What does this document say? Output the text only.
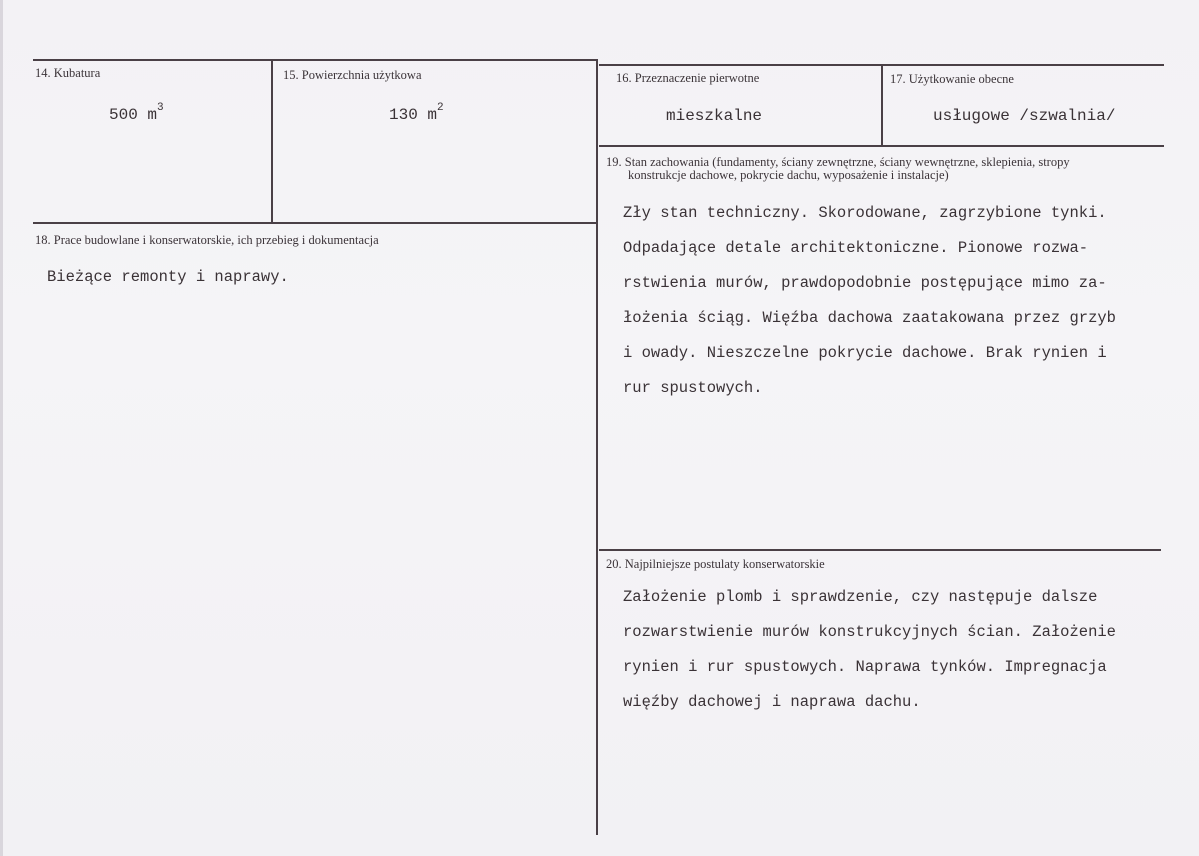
14. Kubatura
500 $m^3$
15. Powierzchnia użytkowa
130 $m^2$
16. Przeznaczenie pierwotne
mieszkalne
17. Użytkowanie obecne
usługowe /szwalnia/
18. Prace budowlane i konserwatorskie, ich przebieg i dokumentacja
Bieżące remonty i naprawy.
19. Stan zachowania (fundamenty, ściany zewnętrzne, ściany wewnętrzne, sklepienia, stropy
konstrukcje dachowe, pokrycie dachu, wyposażenie i instalacje)
Zły stan techniczny. Skorodowane, zagrzybione tynki.
Odpadające detale architektoniczne. Pionowe rozwa-
rstwienia murów, prawdopodobnie postępujące mimo za-
łożenia ściąg. Więźba dachowa zaatakowana przez grzyb
i owady. Nieszczelne pokrycie dachowe. Brak rynien i
rur spustowych.
20. Najpilniejsze postulaty konserwatorskie
Założenie plomb i sprawdzenie, czy następuje dalsze
rozwarstwienie murów konstrukcyjnych ścian. Założenie
rynien i rur spustowych. Naprawa tynków. Impregnacja
więźby dachowej i naprawa dachu.
